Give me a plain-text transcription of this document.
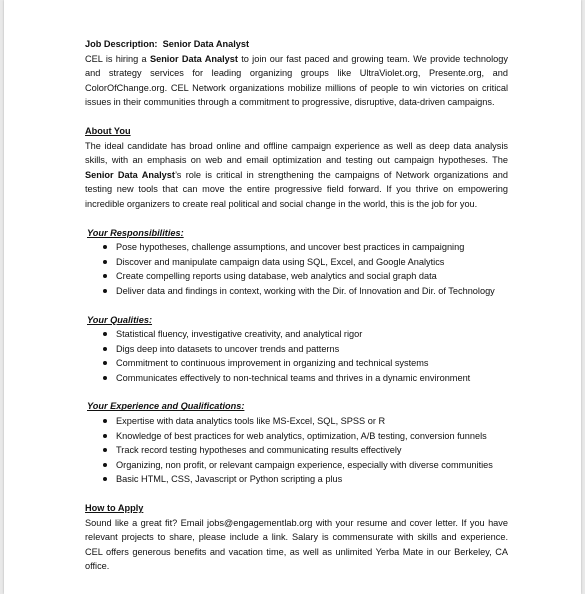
Job Description: Senior Data Analyst

CEL is hiring a Senior Data Analyst to join our fast paced and growing team. We provide technology and strategy services for leading organizing groups like UltraViolet.org, Presente.org, and ColorOfChange.org. CEL Network organizations mobilize millions of people to win victories on critical issues in their communities through a commitment to progressive, disruptive, data-driven campaigns.

About You

The ideal candidate has broad online and offline campaign experience as well as deep data analysis skills, with an emphasis on web and email optimization and testing out campaign hypotheses. The Senior Data Analyst’s role is critical in strengthening the campaigns of Network organizations and testing new tools that can move the entire progressive field forward. If you thrive on empowering incredible organizers to create real political and social change in the world, this is the job for you.

Your Responsibilities:

Pose hypotheses, challenge assumptions, and uncover best practices in campaigning
Discover and manipulate campaign data using SQL, Excel, and Google Analytics
Create compelling reports using database, web analytics and social graph data
Deliver data and findings in context, working with the Dir. of Innovation and Dir. of Technology

Your Qualities:

Statistical fluency, investigative creativity, and analytical rigor
Digs deep into datasets to uncover trends and patterns
Commitment to continuous improvement in organizing and technical systems
Communicates effectively to non-technical teams and thrives in a dynamic environment

Your Experience and Qualifications:

Expertise with data analytics tools like MS-Excel, SQL, SPSS or R
Knowledge of best practices for web analytics, optimization, A/B testing, conversion funnels
Track record testing hypotheses and communicating results effectively
Organizing, non profit, or relevant campaign experience, especially with diverse communities
Basic HTML, CSS, Javascript or Python scripting a plus

How to Apply

Sound like a great fit? Email jobs@engagementlab.org with your resume and cover letter. If you have relevant projects to share, please include a link. Salary is commensurate with skills and experience. CEL offers generous benefits and vacation time, as well as unlimited Yerba Mate in our Berkeley, CA office.
